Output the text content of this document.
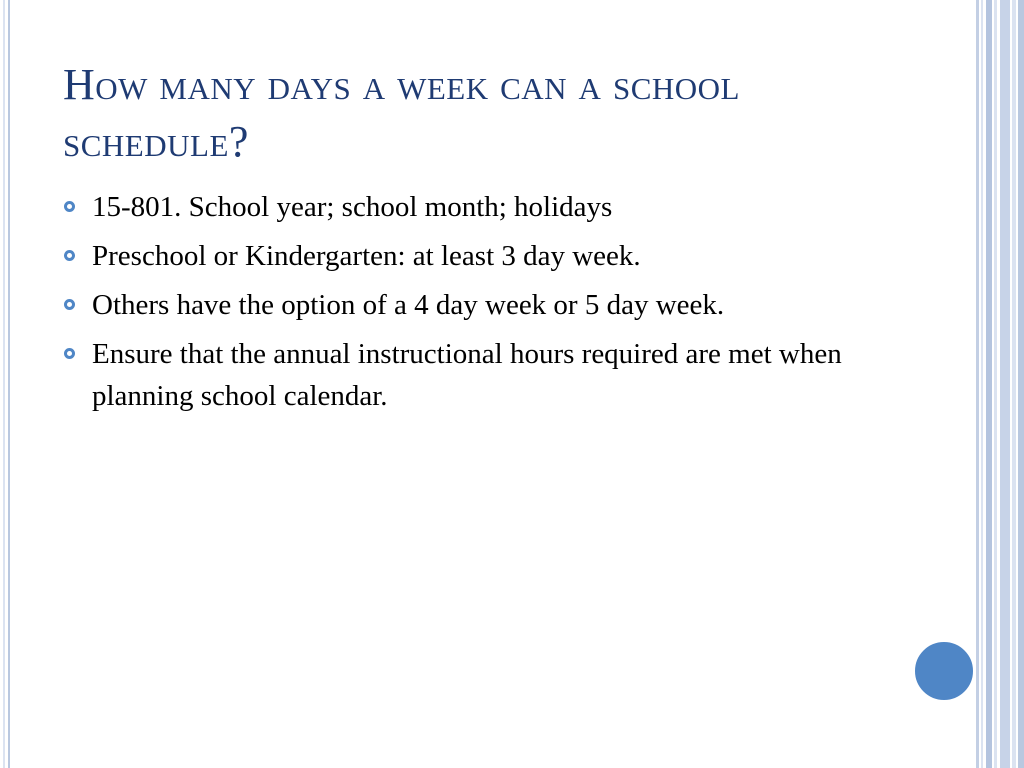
How many days a week can a school schedule?
15-801. School year; school month; holidays
Preschool or Kindergarten: at least 3 day week.
Others have the option of a 4 day week or 5 day week.
Ensure that the annual instructional hours required are met when planning school calendar.
